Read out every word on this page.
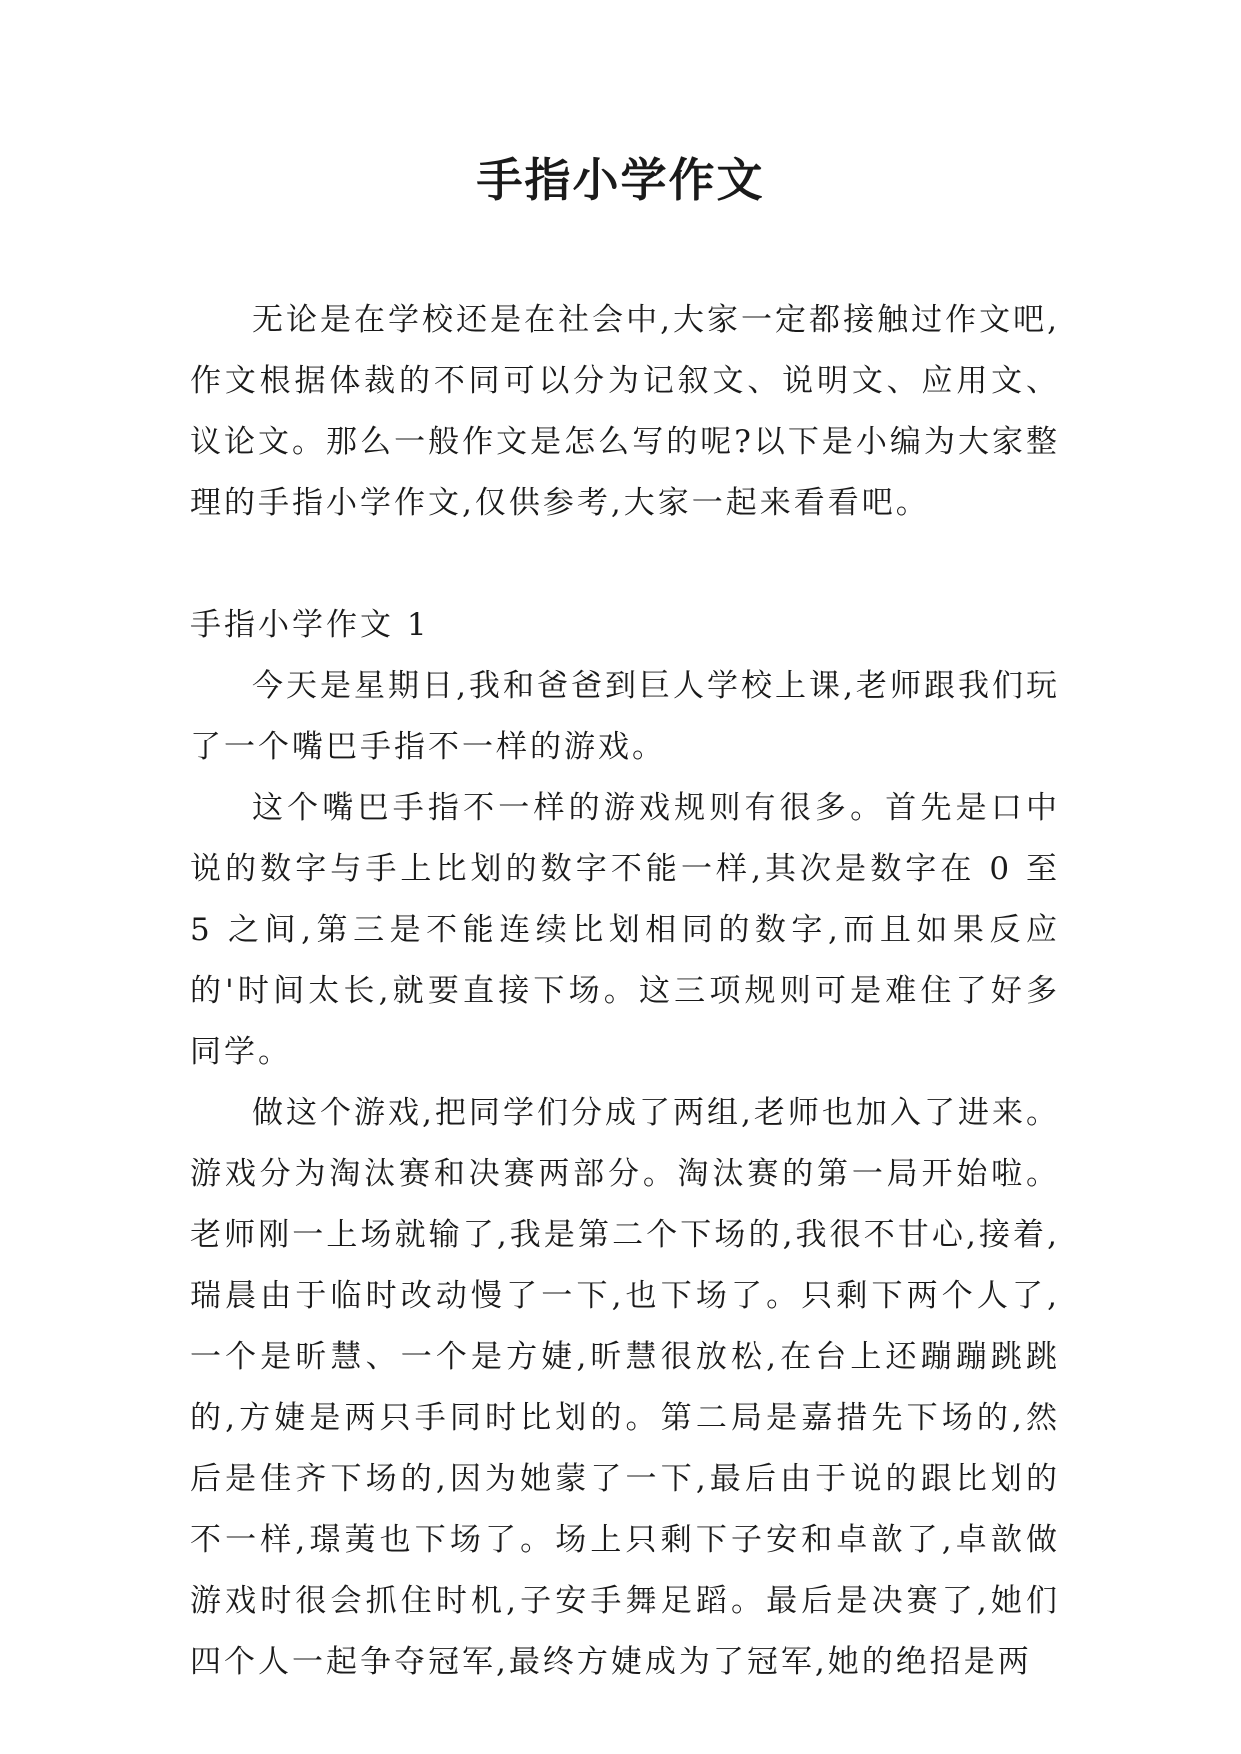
手指小学作文

无论是在学校还是在社会中,大家一定都接触过作文吧,作文根据体裁的不同可以分为记叙文、说明文、应用文、议论文。那么一般作文是怎么写的呢?以下是小编为大家整理的手指小学作文,仅供参考,大家一起来看看吧。

手指小学作文 1

今天是星期日,我和爸爸到巨人学校上课,老师跟我们玩了一个嘴巴手指不一样的游戏。

这个嘴巴手指不一样的游戏规则有很多。首先是口中说的数字与手上比划的数字不能一样,其次是数字在 0 至 5 之间,第三是不能连续比划相同的数字,而且如果反应的'时间太长,就要直接下场。这三项规则可是难住了好多同学。

做这个游戏,把同学们分成了两组,老师也加入了进来。游戏分为淘汰赛和决赛两部分。淘汰赛的第一局开始啦。老师刚一上场就输了,我是第二个下场的,我很不甘心,接着,瑞晨由于临时改动慢了一下,也下场了。只剩下两个人了,一个是昕慧、一个是方婕,昕慧很放松,在台上还蹦蹦跳跳的,方婕是两只手同时比划的。第二局是嘉措先下场的,然后是佳齐下场的,因为她蒙了一下,最后由于说的跟比划的不一样,璟荑也下场了。场上只剩下子安和卓歆了,卓歆做游戏时很会抓住时机,子安手舞足蹈。最后是决赛了,她们四个人一起争夺冠军,最终方婕成为了冠军,她的绝招是两
